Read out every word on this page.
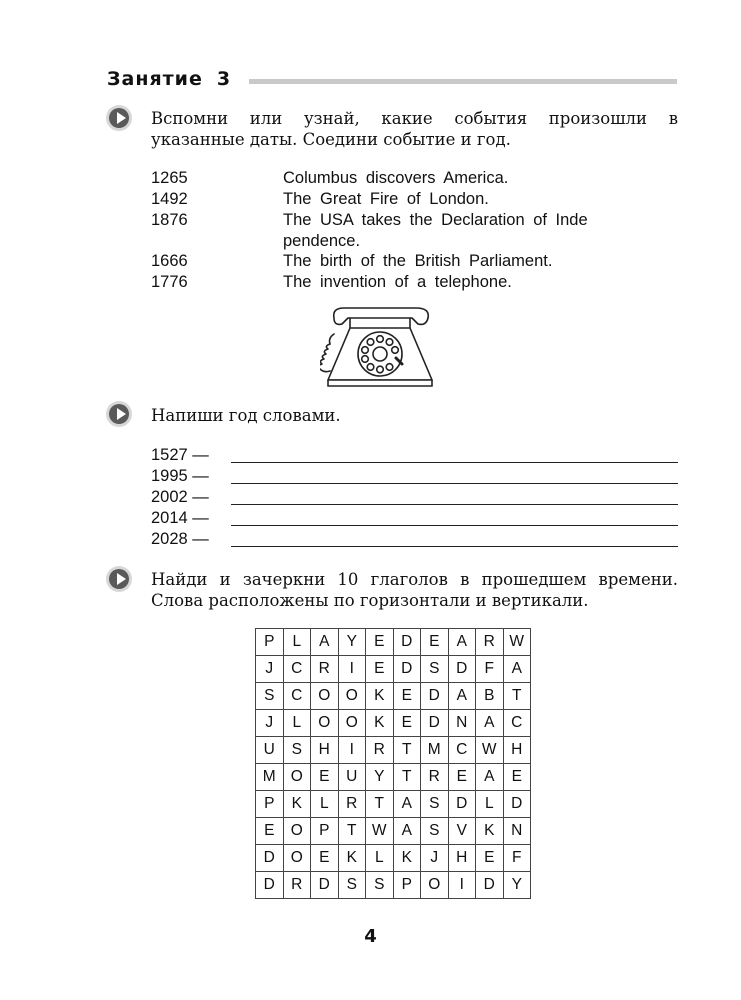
Занятие 3
Вспомни или узнай, какие события произошли в указанные даты. Соедини событие и год.
1265	Columbus discovers America.
1492	The Great Fire of London.
1876	The USA takes the Declaration of Inde pendence.
1666	The birth of the British Parliament.
1776	The invention of a telephone.
Напиши год словами.
1527 —
1995 —
2002 —
2014 —
2028 —
Найди и зачеркни 10 глаголов в прошедшем времени. Слова расположены по горизонтали и вертикали.
P	L	A	Y	E	D	E	A	R	W
J	C	R	I	E	D	S	D	F	A
S	C	O	O	K	E	D	A	B	T
J	L	O	O	K	E	D	N	A	C
U	S	H	I	R	T	M	C	W	H
M	O	E	U	Y	T	R	E	A	E
P	K	L	R	T	A	S	D	L	D
E	O	P	T	W	A	S	V	K	N
D	O	E	K	L	K	J	H	E	F
D	R	D	S	S	P	O	I	D	Y
4
